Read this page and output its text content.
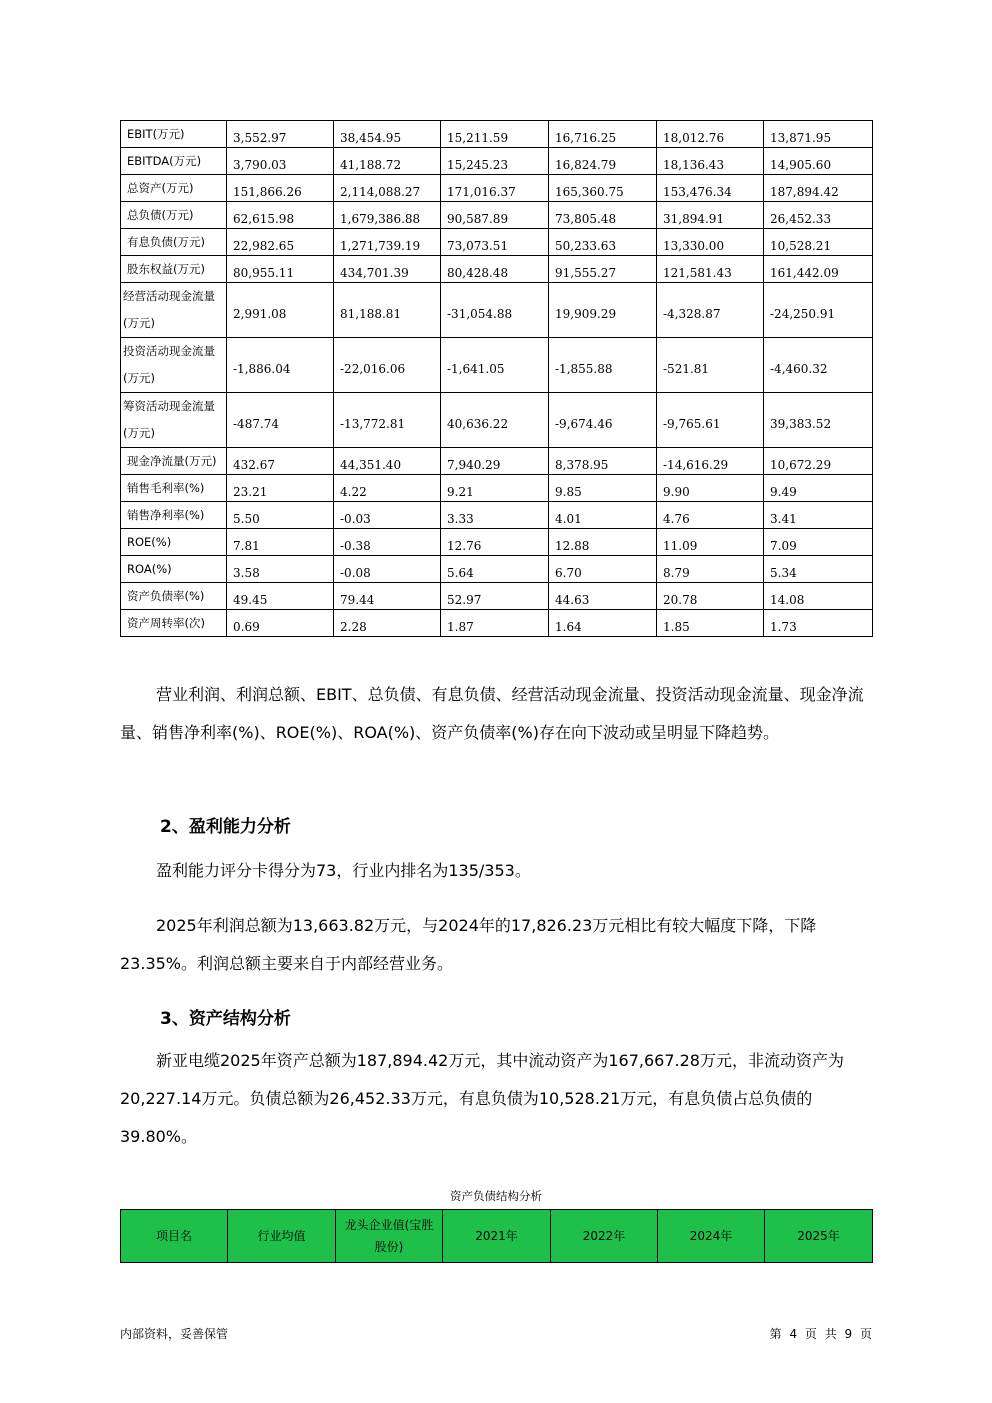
EBIT(万元)	3,552.97	38,454.95	15,211.59	16,716.25	18,012.76	13,871.95
EBITDA(万元)	3,790.03	41,188.72	15,245.23	16,824.79	18,136.43	14,905.60
总资产(万元)	151,866.26	2,114,088.27	171,016.37	165,360.75	153,476.34	187,894.42
总负债(万元)	62,615.98	1,679,386.88	90,587.89	73,805.48	31,894.91	26,452.33
有息负债(万元)	22,982.65	1,271,739.19	73,073.51	50,233.63	13,330.00	10,528.21
股东权益(万元)	80,955.11	434,701.39	80,428.48	91,555.27	121,581.43	161,442.09
经营活动现金流量(万元)	2,991.08	81,188.81	-31,054.88	19,909.29	-4,328.87	-24,250.91
投资活动现金流量(万元)	-1,886.04	-22,016.06	-1,641.05	-1,855.88	-521.81	-4,460.32
筹资活动现金流量(万元)	-487.74	-13,772.81	40,636.22	-9,674.46	-9,765.61	39,383.52
现金净流量(万元)	432.67	44,351.40	7,940.29	8,378.95	-14,616.29	10,672.29
销售毛利率(%)	23.21	4.22	9.21	9.85	9.90	9.49
销售净利率(%)	5.50	-0.03	3.33	4.01	4.76	3.41
ROE(%)	7.81	-0.38	12.76	12.88	11.09	7.09
ROA(%)	3.58	-0.08	5.64	6.70	8.79	5.34
资产负债率(%)	49.45	79.44	52.97	44.63	20.78	14.08
资产周转率(次)	0.69	2.28	1.87	1.64	1.85	1.73
营业利润、利润总额、EBIT、总负债、有息负债、经营活动现金流量、投资活动现金流量、现金净流量、销售净利率(%)、ROE(%)、ROA(%)、资产负债率(%)存在向下波动或呈明显下降趋势。
2、盈利能力分析
盈利能力评分卡得分为73，行业内排名为135/353。
2025年利润总额为13,663.82万元，与2024年的17,826.23万元相比有较大幅度下降，下降23.35%。利润总额主要来自于内部经营业务。
3、资产结构分析
新亚电缆2025年资产总额为187,894.42万元，其中流动资产为167,667.28万元，非流动资产为20,227.14万元。负债总额为26,452.33万元，有息负债为10,528.21万元，有息负债占总负债的39.80%。
资产负债结构分析
项目名	行业均值	龙头企业值(宝胜股份)	2021年	2022年	2024年	2025年
内部资料，妥善保管	第 4 页 共 9 页
